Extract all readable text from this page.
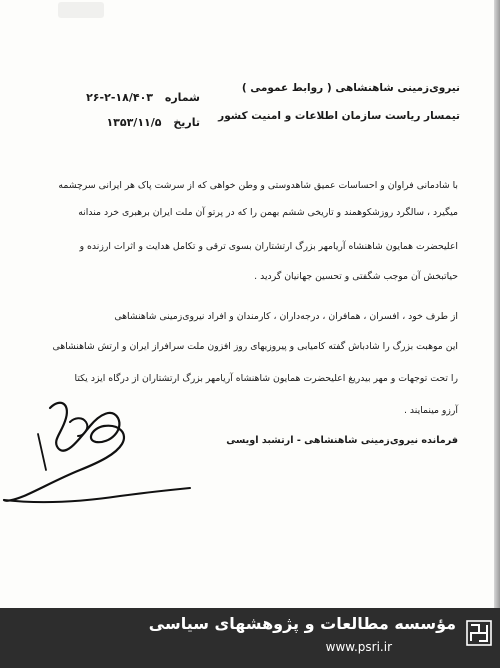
نیروی‌زمینی شاهنشاهی ( روابط عمومی )
تیمسار ریاست سازمان اطلاعات و امنیت کشور
شماره ۱۸/۴۰۳-۲-۲۶
تاریخ ۱۳۵۳/۱۱/۵
با شادمانی فراوان و احساسات عمیق شاهدوستی و وطن خواهی که از سرشت پاک هر ایرانی سرچشمه
میگیرد ، سالگرد روزشکوهمند و تاریخی ششم بهمن را که در پرتو آن ملت ایران برهبری خرد مندانه
اعلیحضرت همایون شاهنشاه آریامهر بزرگ ارتشتاران بسوی ترقی و تکامل هدایت و اثرات ارزنده و
حیاتبخش آن موجب شگفتی و تحسین جهانیان گردید .
از طرف خود ، افسران ، همافران ، درجه‌داران ، کارمندان و افراد نیروی‌زمینی شاهنشاهی
این موهبت بزرگ را شادباش گفته کامیابی و پیروزیهای روز افزون ملت سرافراز ایران و ارتش شاهنشاهی
را تحت توجهات و مهر بیدریغ اعلیحضرت همایون شاهنشاه آریامهر بزرگ ارتشتاران از درگاه ایزد یکتا
آرزو مینمایند .
فرمانده نیروی‌زمینی شاهنشاهی - ارتشبد اویسی
مؤسسه مطالعات و پژوهشهای سیاسی
www.psri.ir
